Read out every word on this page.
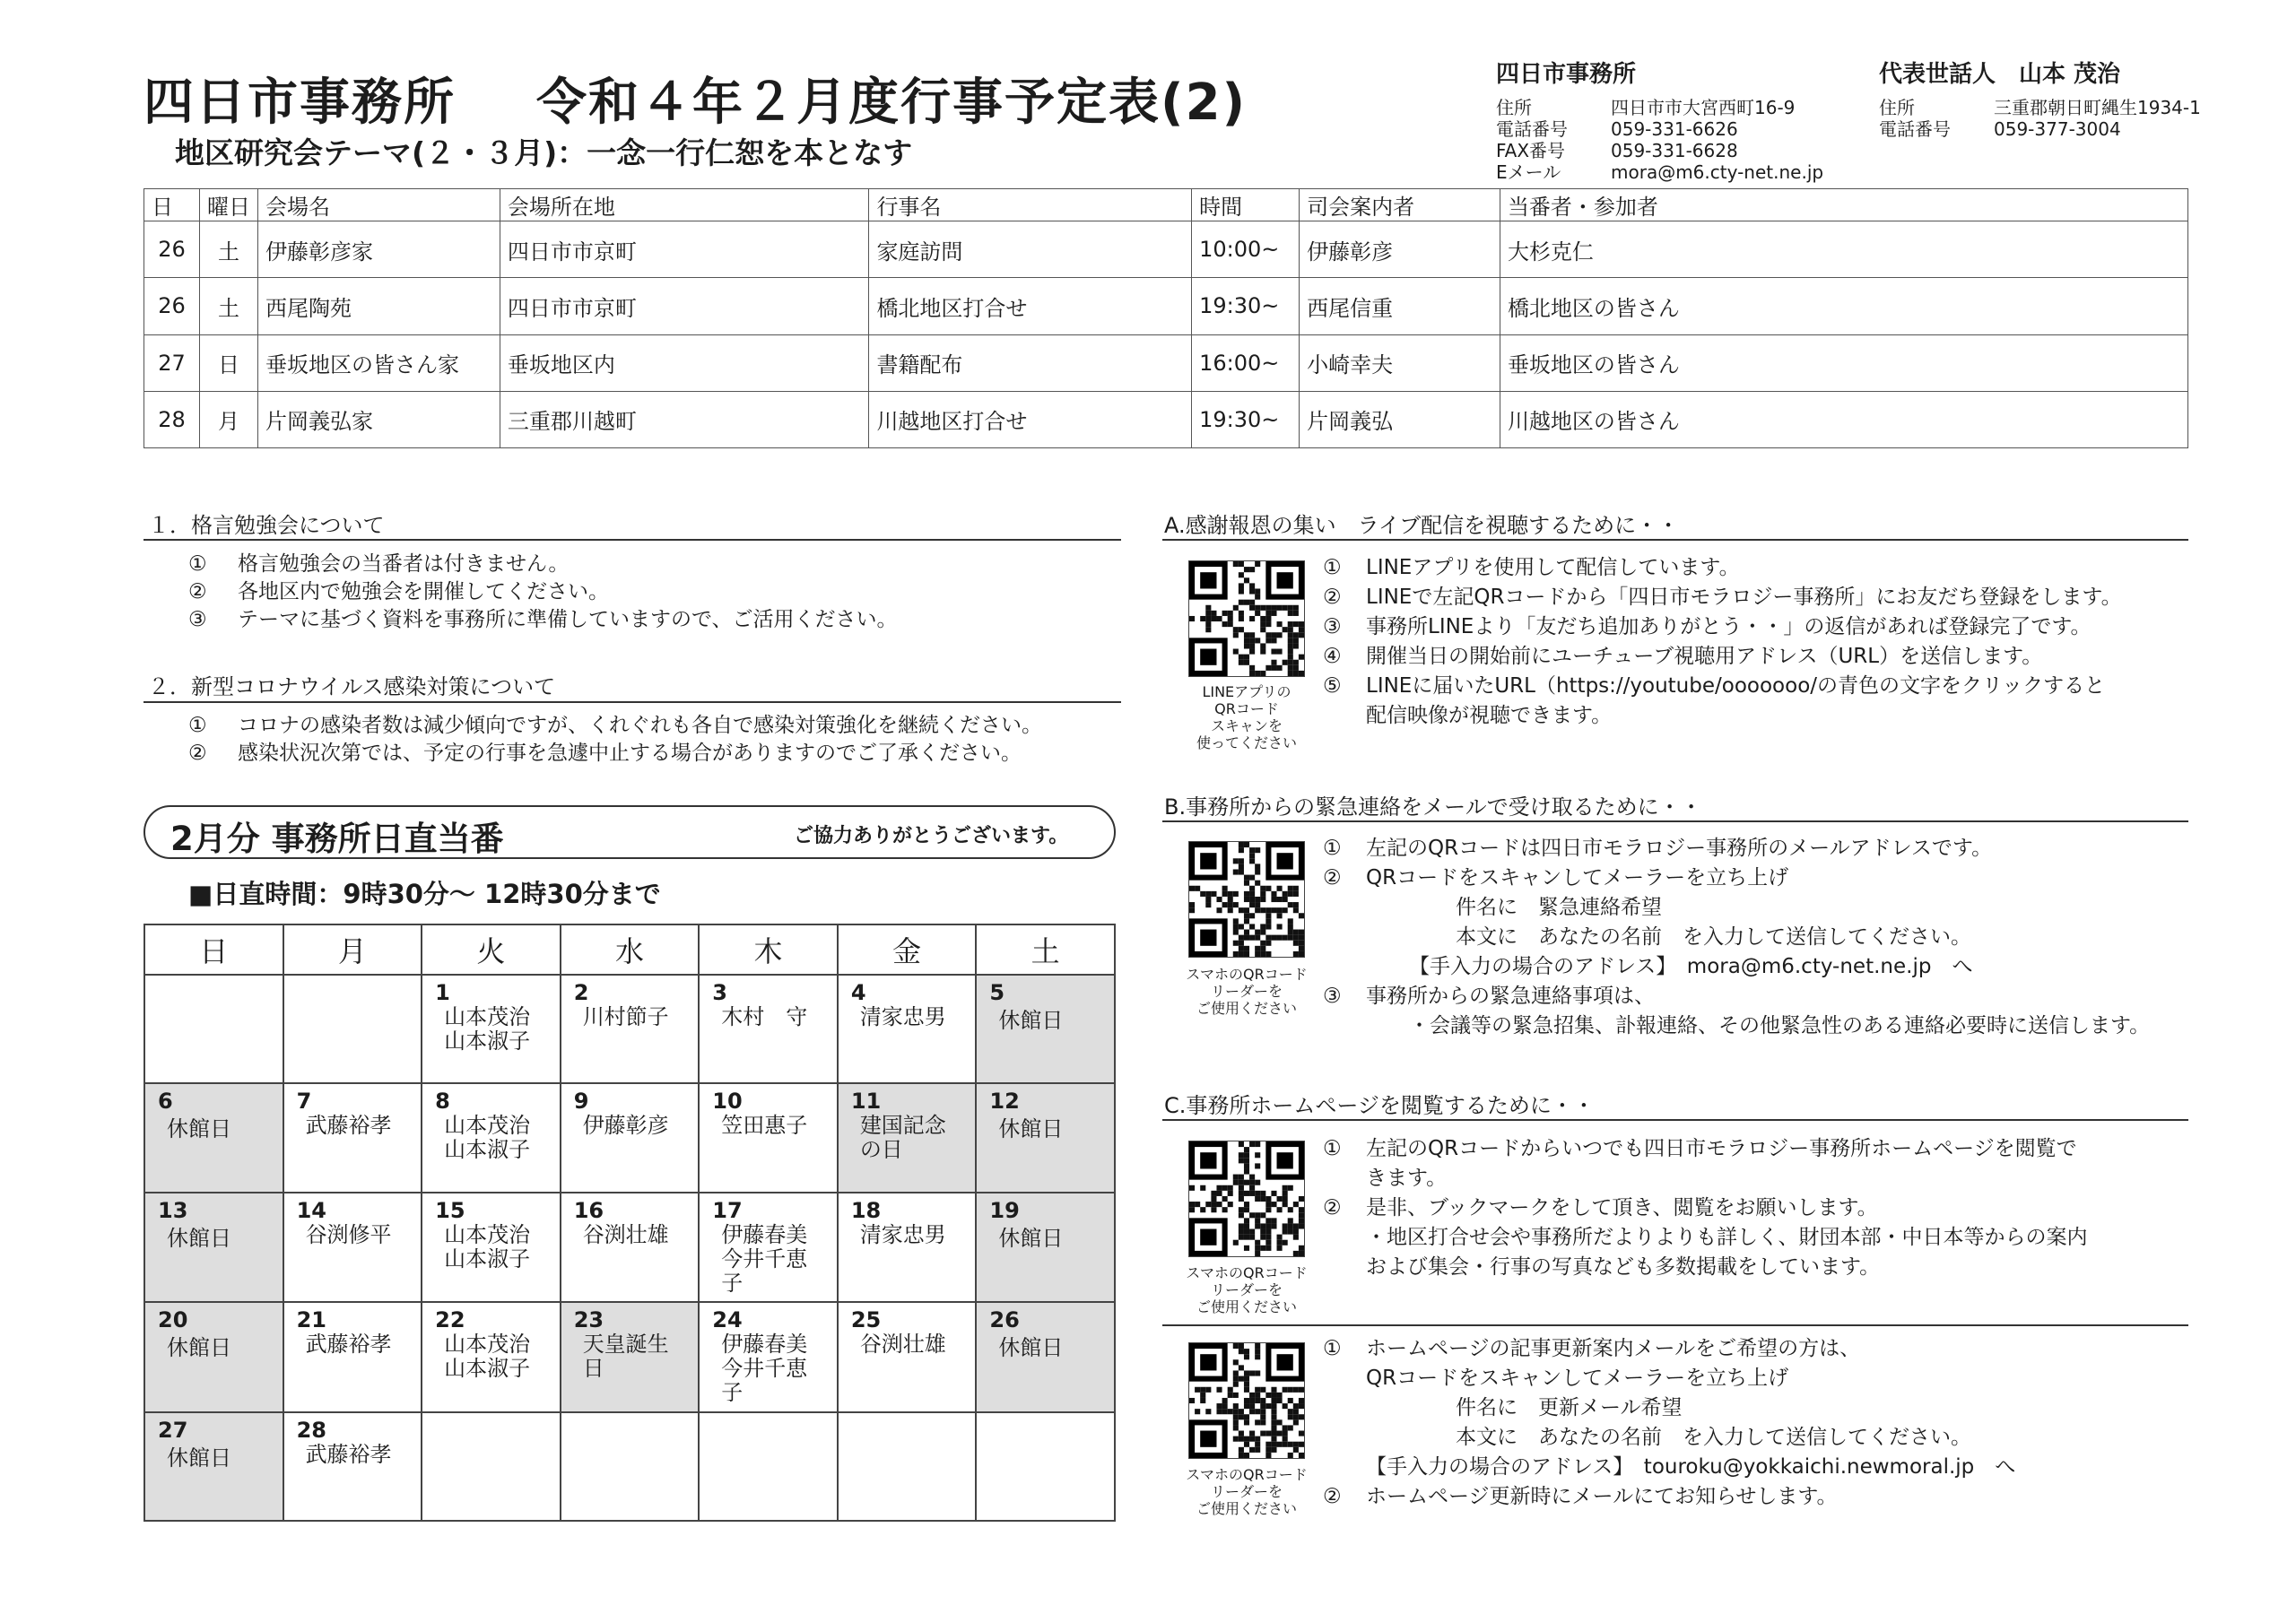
四日市事務所 令和４年２月度行事予定表(2)
地区研究会テーマ(２・３月)：一念一行仁恕を本となす
四日市事務所
住所	四日市市大宮西町16-9
電話番号	059-331-6626
FAX番号	059-331-6628
Eメール	mora@m6.cty-net.ne.jp
代表世話人　山本 茂治
住所	三重郡朝日町縄生1934-1
電話番号	059-377-3004
日	曜日	会場名	会場所在地	行事名	時間	司会案内者	当番者・参加者
26	土	伊藤彰彦家	四日市市京町	家庭訪問	10:00~	伊藤彰彦	大杉克仁
26	土	西尾陶苑	四日市市京町	橋北地区打合せ	19:30~	西尾信重	橋北地区の皆さん
27	日	垂坂地区の皆さん家	垂坂地区内	書籍配布	16:00~	小崎幸夫	垂坂地区の皆さん
28	月	片岡義弘家	三重郡川越町	川越地区打合せ	19:30~	片岡義弘	川越地区の皆さん
１．格言勉強会について
①	格言勉強会の当番者は付きません。
②	各地区内で勉強会を開催してください。
③	テーマに基づく資料を事務所に準備していますので、ご活用ください。
２．新型コロナウイルス感染対策について
①	コロナの感染者数は減少傾向ですが、くれぐれも各自で感染対策強化を継続ください。
②	感染状況次第では、予定の行事を急遽中止する場合がありますのでご了承ください。
2月分 事務所日直当番	ご協力ありがとうございます。
■日直時間：9時30分～ 12時30分まで
日	月	火	水	木	金	土

		1
山本茂治
山本淑子	2
川村節子	3
木村　守	4
清家忠男	5
休館日

6
休館日	7
武藤裕孝	8
山本茂治
山本淑子	9
伊藤彰彦	10
笠田惠子	11
建国記念の日	12
休館日

13
休館日	14
谷渕修平	15
山本茂治
山本淑子	16
谷渕壮雄	17
伊藤春美
今井千恵子	18
清家忠男	19
休館日

20
休館日	21
武藤裕孝	22
山本茂治
山本淑子	23
天皇誕生日	24
伊藤春美
今井千恵子	25
谷渕壮雄	26
休館日

27
休館日	28
武藤裕孝					

A.感謝報恩の集い　ライブ配信を視聴するために・・
LINEアプリの
QRコード
スキャンを
使ってください
①	LINEアプリを使用して配信しています。
②	LINEで左記QRコードから「四日市モラロジー事務所」にお友だち登録をします。
③	事務所LINEより「友だち追加ありがとう・・」の返信があれば登録完了です。
④	開催当日の開始前にユーチューブ視聴用アドレス（URL）を送信します。
⑤	LINEに届いたURL（https://youtube/ooooooo/の青色の文字をクリックすると
配信映像が視聴できます。
B.事務所からの緊急連絡をメールで受け取るために・・
スマホのQRコード
リーダーを
ご使用ください
①	左記のQRコードは四日市モラロジー事務所のメールアドレスです。
②	QRコードをスキャンしてメーラーを立ち上げ
件名に　緊急連絡希望
本文に　あなたの名前　を入力して送信してください。
【手入力の場合のアドレス】　mora@m6.cty-net.ne.jp　へ
③	事務所からの緊急連絡事項は、
・会議等の緊急招集、訃報連絡、その他緊急性のある連絡必要時に送信します。
C.事務所ホームページを閲覧するために・・
スマホのQRコード
リーダーを
ご使用ください
①	左記のQRコードからいつでも四日市モラロジー事務所ホームページを閲覧で
きます。
②	是非、ブックマークをして頂き、閲覧をお願いします。
・地区打合せ会や事務所だよりよりも詳しく、財団本部・中日本等からの案内
および集会・行事の写真なども多数掲載をしています。
スマホのQRコード
リーダーを
ご使用ください
①	ホームページの記事更新案内メールをご希望の方は、
QRコードをスキャンしてメーラーを立ち上げ
件名に　更新メール希望
本文に　あなたの名前　を入力して送信してください。
【手入力の場合のアドレス】　touroku@yokkaichi.newmoral.jp　へ
②	ホームページ更新時にメールにてお知らせします。
